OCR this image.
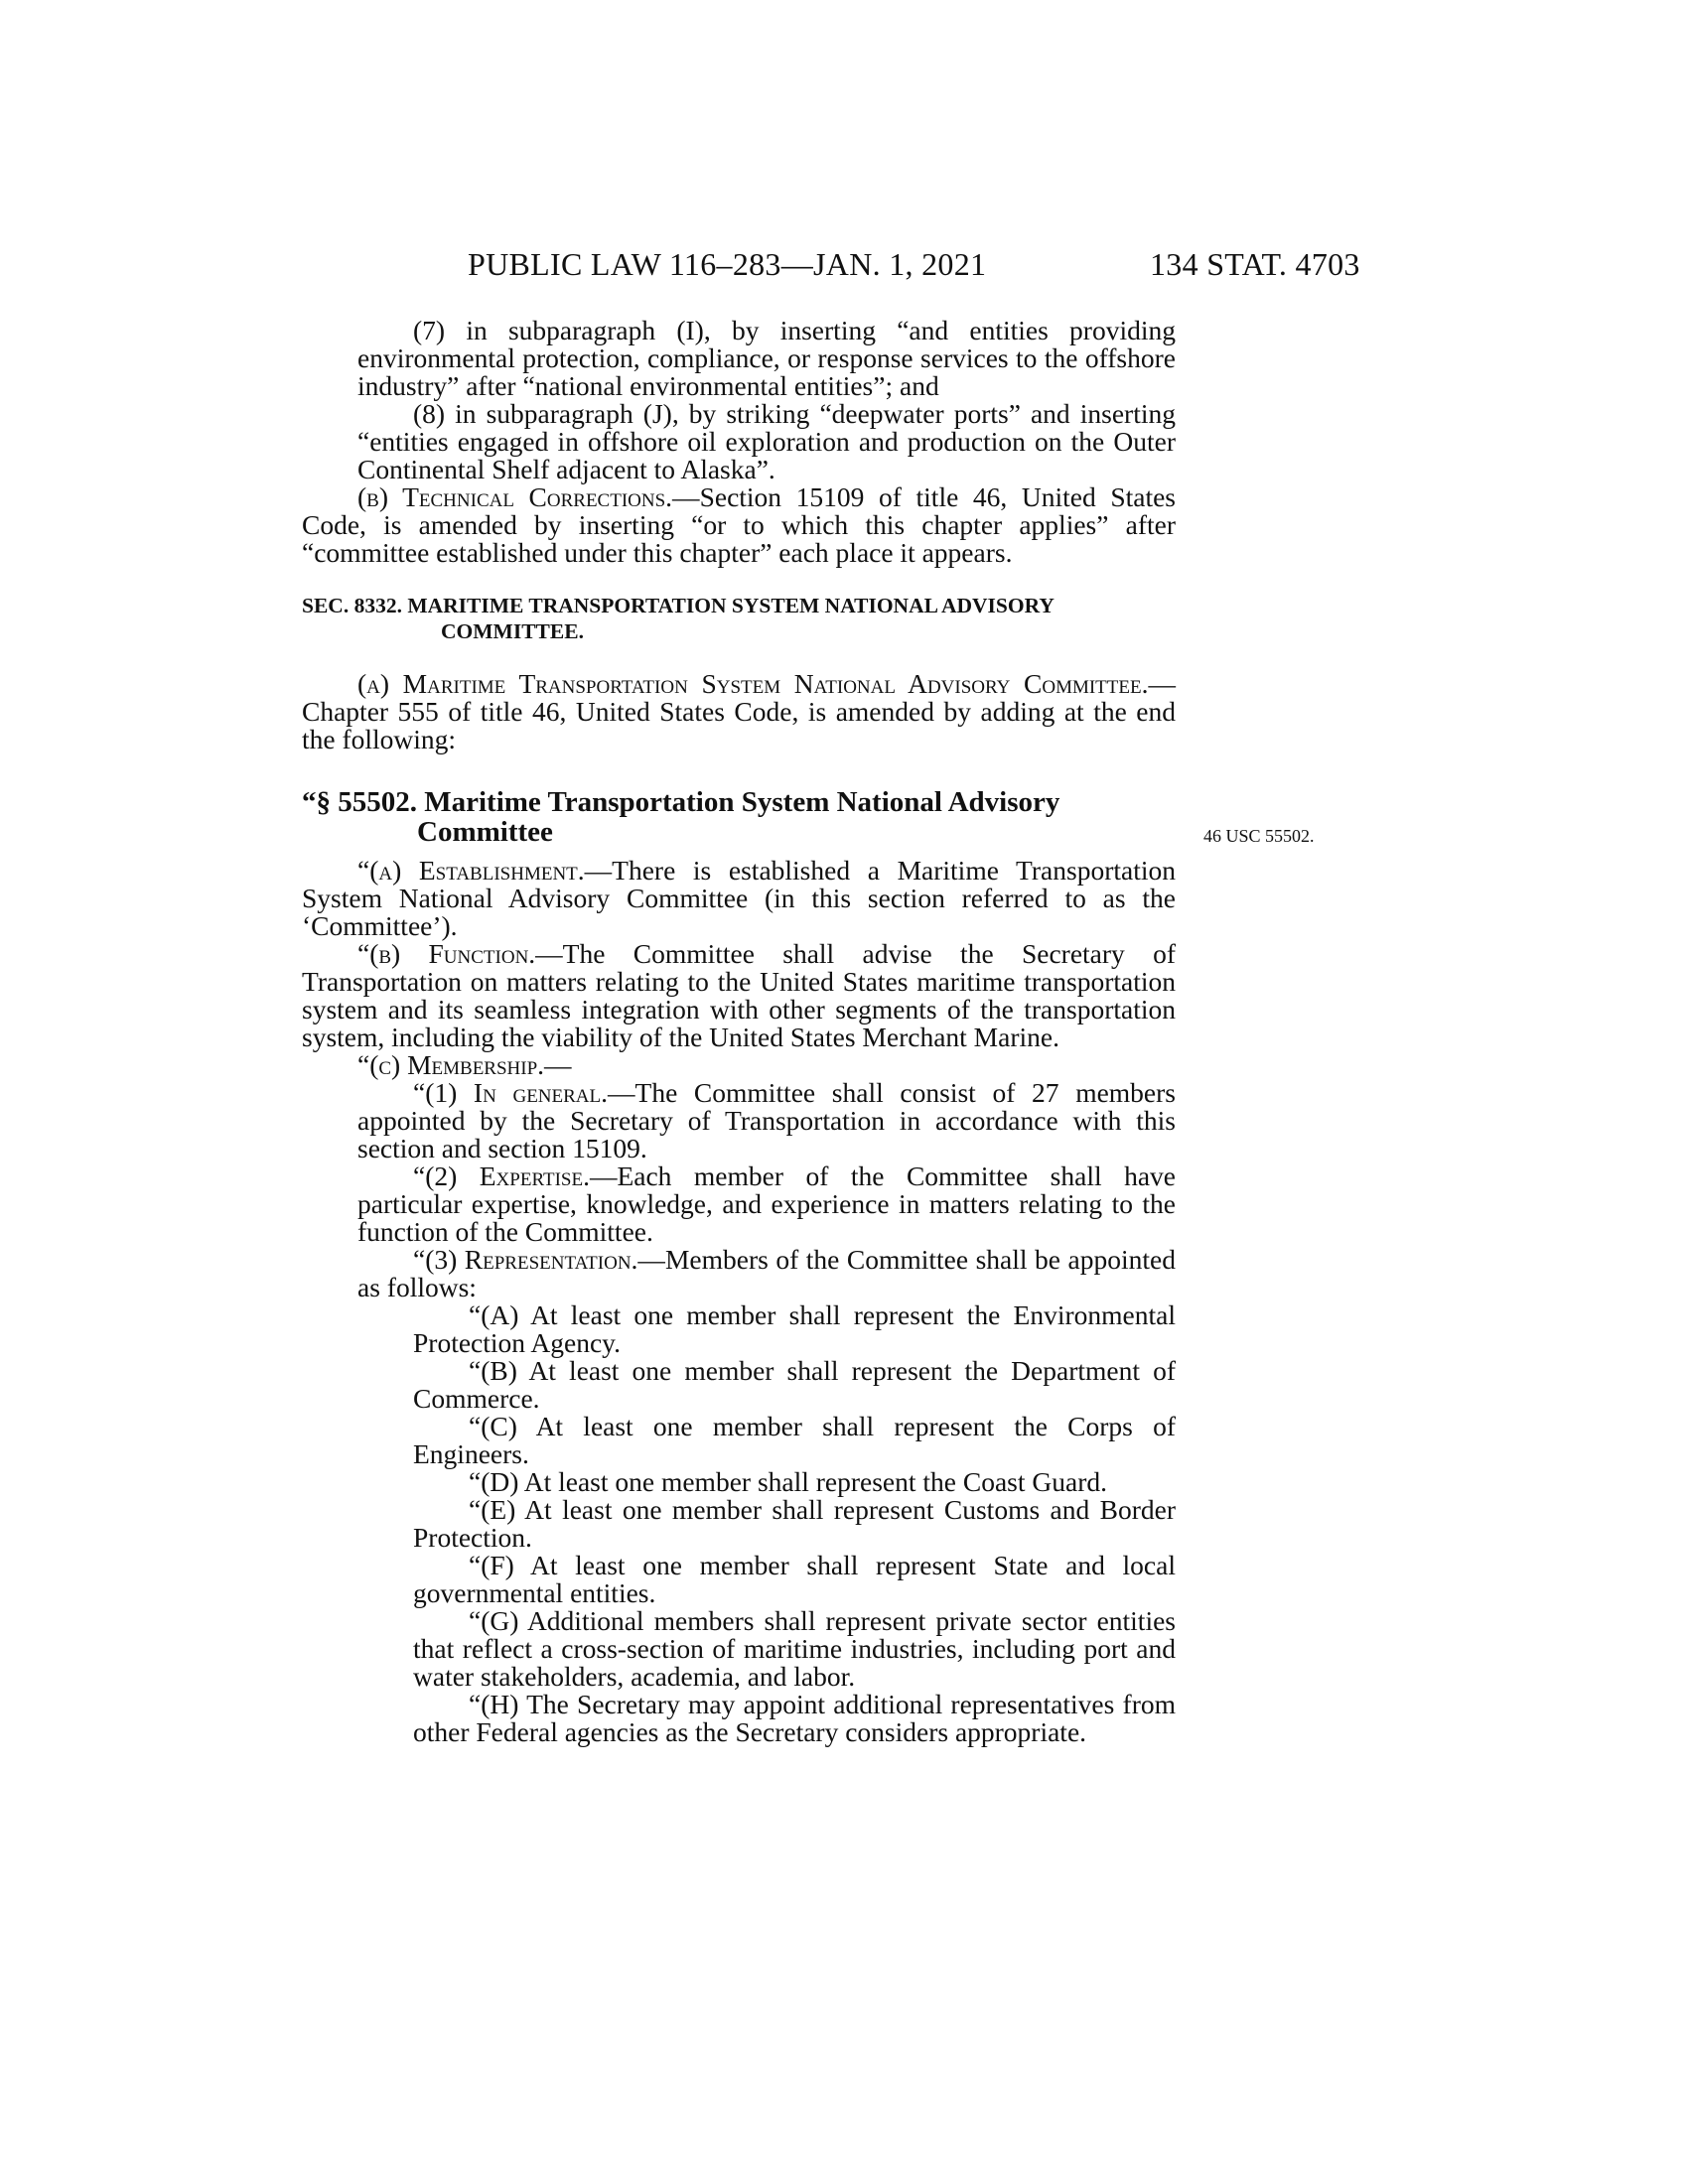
PUBLIC LAW 116–283—JAN. 1, 2021	134 STAT. 4703
46 USC 55502.

(7) in subparagraph (I), by inserting “and entities providing environmental protection, compliance, or response services to the offshore industry” after “national environmental entities”; and

(8) in subparagraph (J), by striking “deepwater ports” and inserting “entities engaged in offshore oil exploration and production on the Outer Continental Shelf adjacent to Alaska”.

(b) Technical Corrections.—Section 15109 of title 46, United States Code, is amended by inserting “or to which this chapter applies” after “committee established under this chapter” each place it appears.

SEC. 8332. MARITIME TRANSPORTATION SYSTEM NATIONAL ADVISORY COMMITTEE.

(a) Maritime Transportation System National Advisory Committee.—Chapter 555 of title 46, United States Code, is amended by adding at the end the following:

“§ 55502. Maritime Transportation System National Advisory Committee

“(a) Establishment.—There is established a Maritime Transportation System National Advisory Committee (in this section referred to as the ‘Committee’).

“(b) Function.—The Committee shall advise the Secretary of Transportation on matters relating to the United States maritime transportation system and its seamless integration with other segments of the transportation system, including the viability of the United States Merchant Marine.

“(c) Membership.—

“(1) In general.—The Committee shall consist of 27 members appointed by the Secretary of Transportation in accordance with this section and section 15109.

“(2) Expertise.—Each member of the Committee shall have particular expertise, knowledge, and experience in matters relating to the function of the Committee.

“(3) Representation.—Members of the Committee shall be appointed as follows:

“(A) At least one member shall represent the Environmental Protection Agency.

“(B) At least one member shall represent the Department of Commerce.

“(C) At least one member shall represent the Corps of Engineers.

“(D) At least one member shall represent the Coast Guard.

“(E) At least one member shall represent Customs and Border Protection.

“(F) At least one member shall represent State and local governmental entities.

“(G) Additional members shall represent private sector entities that reflect a cross-section of maritime industries, including port and water stakeholders, academia, and labor.

“(H) The Secretary may appoint additional representatives from other Federal agencies as the Secretary considers appropriate.
